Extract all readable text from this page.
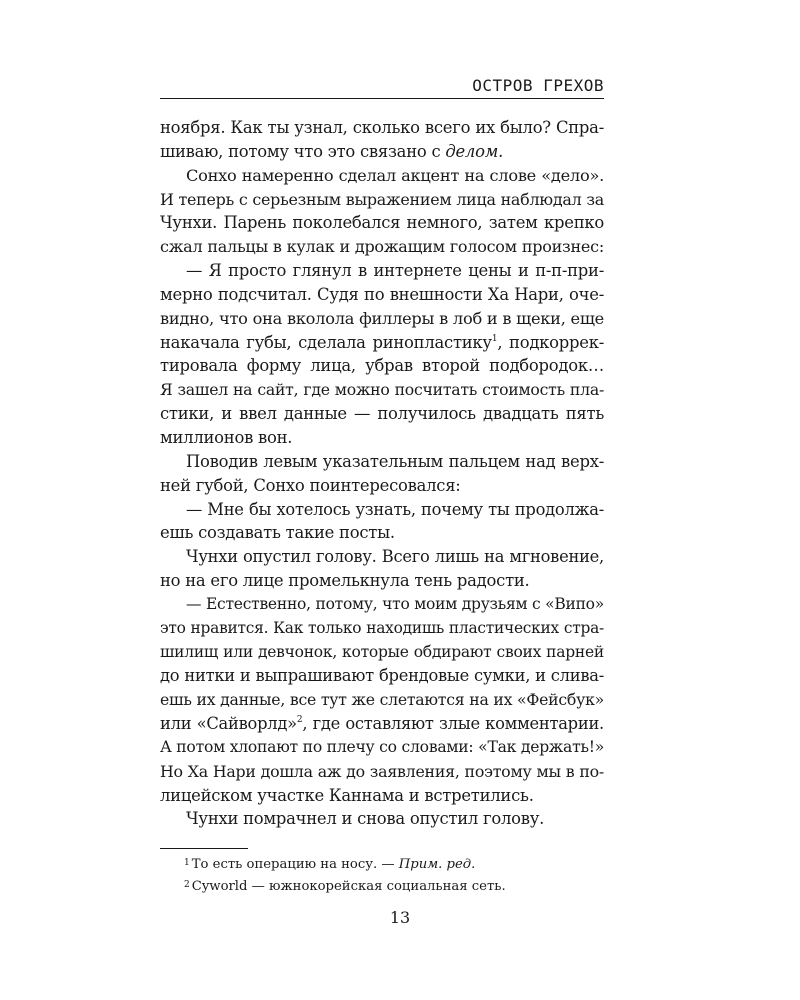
ОСТРОВ ГРЕХОВ
ноября. Как ты узнал, сколько всего их было? Спра-
шиваю, потому что это связано с делом.
Сонхо намеренно сделал акцент на слове «дело».
И теперь с серьезным выражением лица наблюдал за
Чунхи. Парень поколебался немного, затем крепко
сжал пальцы в кулак и дрожащим голосом произнес:
— Я просто глянул в интернете цены и п-п-при-
мерно подсчитал. Судя по внешности Ха Нари, оче-
видно, что она вколола филлеры в лоб и в щеки, еще
накачала губы, сделала ринопластику$^1$, подкоррек-
тировала форму лица, убрав второй подбородок…
Я зашел на сайт, где можно посчитать стоимость пла-
стики, и ввел данные — получилось двадцать пять
миллионов вон.
Поводив левым указательным пальцем над верх-
ней губой, Сонхо поинтересовался:
— Мне бы хотелось узнать, почему ты продолжа-
ешь создавать такие посты.
Чунхи опустил голову. Всего лишь на мгновение,
но на его лице промелькнула тень радости.
— Естественно, потому, что моим друзьям с «Випо»
это нравится. Как только находишь пластических стра-
шилищ или девчонок, которые обдирают своих парней
до нитки и выпрашивают брендовые сумки, и слива-
ешь их данные, все тут же слетаются на их «Фейсбук»
или «Сайворлд»$^2$, где оставляют злые комментарии.
А потом хлопают по плечу со словами: «Так держать!»
Но Ха Нари дошла аж до заявления, поэтому мы в по-
лицейском участке Каннама и встретились.
Чунхи помрачнел и снова опустил голову.
$^1$ То есть операцию на носу. — Прим. ред.
$^2$ Cyworld — южнокорейская социальная сеть.
13
